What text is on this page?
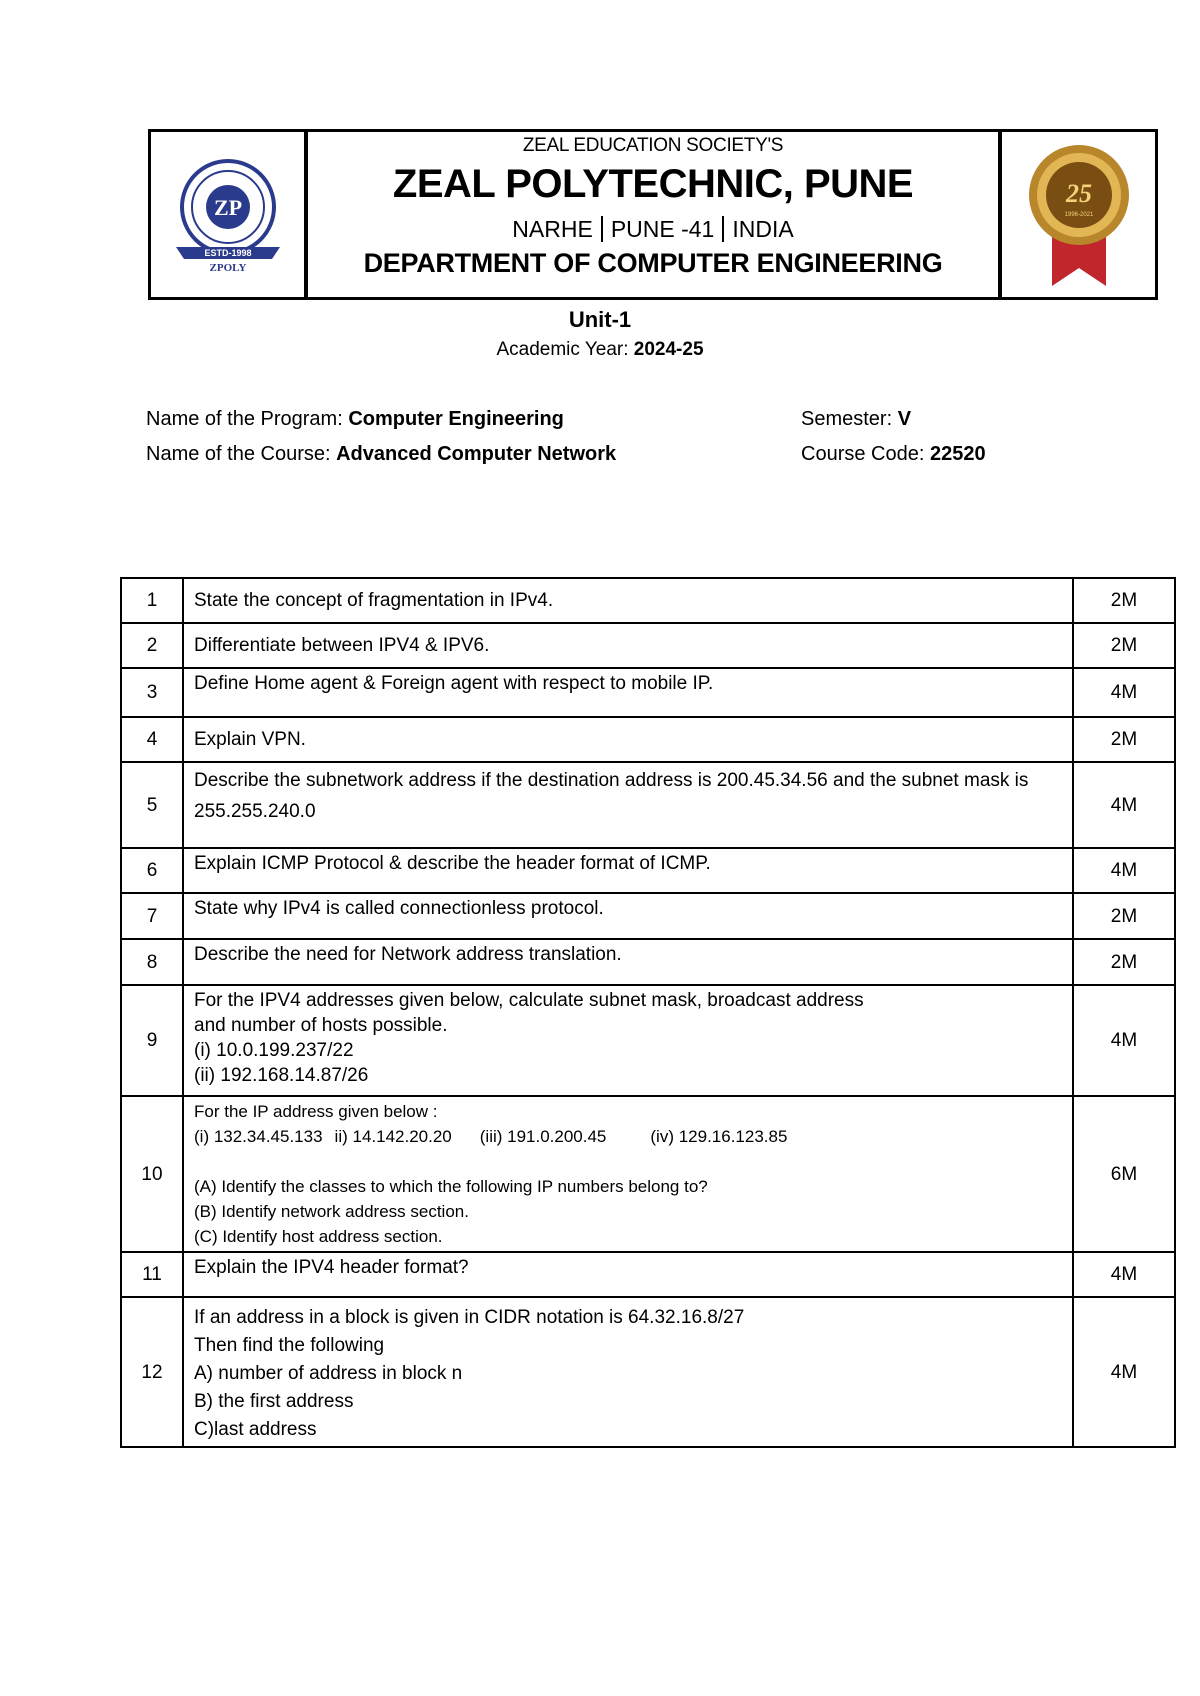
ZP
ESTD-1998
ZPOLY
ZEAL EDUCATION SOCIETY'S
ZEAL POLYTECHNIC, PUNE
NARHE PUNE -41 INDIA
DEPARTMENT OF COMPUTER ENGINEERING
25
1996-2021
Unit-1
Academic Year: 2024-25
Name of the Program: Computer Engineering	Semester: V
Name of the Course: Advanced Computer Network	Course Code: 22520
1	State the concept of fragmentation in IPv4.	2M
2	Differentiate between IPV4 & IPV6.	2M
3	Define Home agent & Foreign agent with respect to mobile IP.	4M
4	Explain VPN.	2M
5	Describe the subnetwork address if the destination address is 200.45.34.56 and the subnet mask is
255.255.240.0	4M
6	Explain ICMP Protocol & describe the header format of ICMP.	4M
7	State why IPv4 is called connectionless protocol.	2M
8	Describe the need for Network address translation.	2M
9	For the IPV4 addresses given below, calculate subnet mask, broadcast address
and number of hosts possible.
(i) 10.0.199.237/22
(ii) 192.168.14.87/26	4M
10	For the IP address given below :
(i) 132.34.45.133 ii) 14.142.20.20 (iii) 191.0.200.45 (iv) 129.16.123.85
(A) Identify the classes to which the following IP numbers belong to?
(B) Identify network address section.
(C) Identify host address section.	6M
11	Explain the IPV4 header format?	4M
12	If an address in a block is given in CIDR notation is 64.32.16.8/27
Then find the following
A) number of address in block n
B) the first address
C)last address	4M
